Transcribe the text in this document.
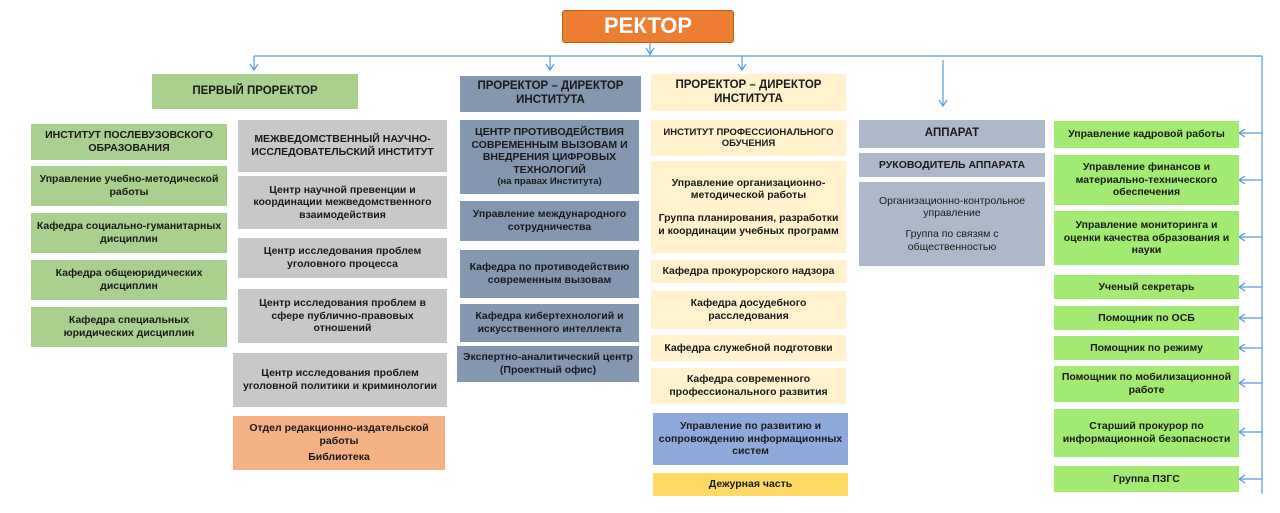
РЕКТОР
ПЕРВЫЙ ПРОРЕКТОР
ИНСТИТУТ ПОСЛЕВУЗОВСКОГО ОБРАЗОВАНИЯ
Управление учебно-методической работы
Кафедра социально-гуманитарных дисциплин
Кафедра общеюридических дисциплин
Кафедра специальных юридических дисциплин
МЕЖВЕДОМСТВЕННЫЙ НАУЧНО-ИССЛЕДОВАТЕЛЬСКИЙ ИНСТИТУТ
Центр научной превенции и координации межведомственного взаимодействия
Центр исследования проблем уголовного процесса
Центр исследования проблем в сфере публично-правовых отношений
Центр исследования проблем уголовной политики и криминологии
Отдел редакционно-издательской работы
Библиотека
ПРОРЕКТОР – ДИРЕКТОР ИНСТИТУТА
ЦЕНТР ПРОТИВОДЕЙСТВИЯ СОВРЕМЕННЫМ ВЫЗОВАМ И ВНЕДРЕНИЯ ЦИФРОВЫХ ТЕХНОЛОГИЙ
(на правах Института)
Управление международного сотрудничества
Кафедра по противодействию современным вызовам
Кафедра кибертехнологий и искусственного интеллекта
Экспертно-аналитический центр (Проектный офис)
ПРОРЕКТОР – ДИРЕКТОР ИНСТИТУТА
ИНСТИТУТ ПРОФЕССИОНАЛЬНОГО ОБУЧЕНИЯ
Управление организационно-методической работы
Группа планирования, разработки и координации учебных программ
Кафедра прокурорского надзора
Кафедра досудебного расследования
Кафедра служебной подготовки
Кафедра современного профессионального развития
Управление по развитию и сопровождению информационных систем
Дежурная часть
АППАРАТ
РУКОВОДИТЕЛЬ АППАРАТА
Организационно-контрольное управление
Группа по связям с общественностью
Управление кадровой работы
Управление финансов и материально-технического обеспечения
Управление мониторинга и оценки качества образования и науки
Ученый секретарь
Помощник по ОСБ
Помощник по режиму
Помощник по мобилизационной работе
Старший прокурор по информационной безопасности
Группа ПЗГС
